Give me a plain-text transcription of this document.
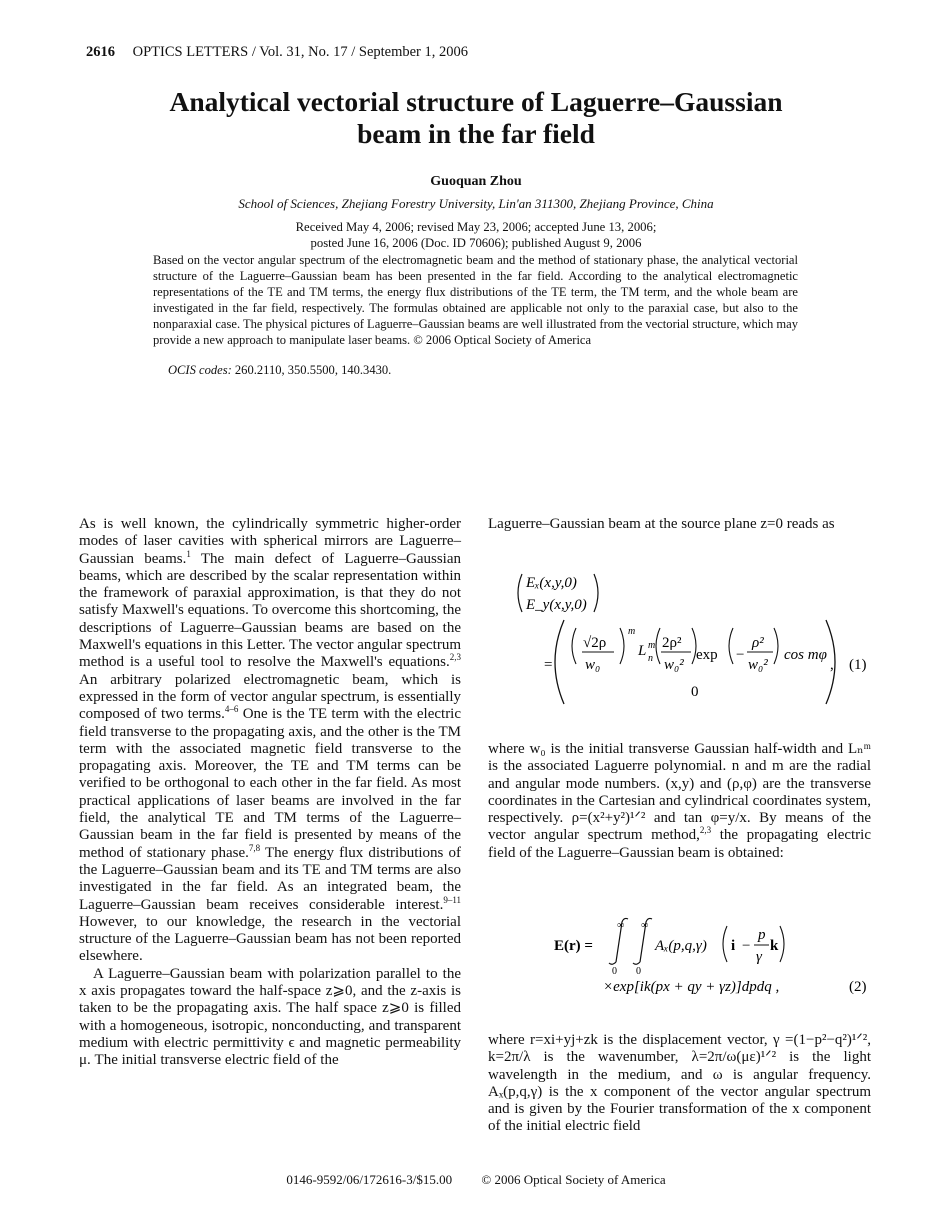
2616 OPTICS LETTERS / Vol. 31, No. 17 / September 1, 2006
Analytical vectorial structure of Laguerre–Gaussian
beam in the far field
Guoquan Zhou
School of Sciences, Zhejiang Forestry University, Lin'an 311300, Zhejiang Province, China
Received May 4, 2006; revised May 23, 2006; accepted June 13, 2006;
posted June 16, 2006 (Doc. ID 70606); published August 9, 2006
Based on the vector angular spectrum of the electromagnetic beam and the method of stationary phase, the analytical vectorial structure of the Laguerre–Gaussian beam has been presented in the far field. According to the analytical electromagnetic representations of the TE and TM terms, the energy flux distributions of the TE term, the TM term, and the whole beam are investigated in the far field, respectively. The formulas obtained are applicable not only to the paraxial case, but also to the nonparaxial case. The physical pictures of Laguerre–Gaussian beams are well illustrated from the vectorial structure, which may provide a new approach to manipulate laser beams. © 2006 Optical Society of America
OCIS codes: 260.2110, 350.5500, 140.3430.

As is well known, the cylindrically symmetric higher-order modes of laser cavities with spherical mirrors are Laguerre–Gaussian beams.$^1$ The main defect of Laguerre–Gaussian beams, which are described by the scalar representation within the framework of paraxial approximation, is that they do not satisfy Maxwell's equations. To overcome this shortcoming, the descriptions of Laguerre–Gaussian beams are based on the Maxwell's equations in this Letter. The vector angular spectrum method is a useful tool to resolve the Maxwell's equations.$^{2,3}$ An arbitrary polarized electromagnetic beam, which is expressed in the form of vector angular spectrum, is essentially composed of two terms.$^{4-6}$ One is the TE term with the electric field transverse to the propagating axis, and the other is the TM term with the associated magnetic field transverse to the propagating axis. Moreover, the TE and TM terms can be verified to be orthogonal to each other in the far field. As most practical applications of laser beams are involved in the far field, the analytical TE and TM terms of the Laguerre–Gaussian beam in the far field is presented by means of the method of stationary phase.$^{7,8}$ The energy flux distributions of the Laguerre–Gaussian beam and its TE and TM terms are also investigated in the far field. As an integrated beam, the Laguerre–Gaussian beam receives considerable interest.$^{9-11}$ However, to our knowledge, the research in the vectorial structure of the Laguerre–Gaussian beam has not been reported elsewhere.

A Laguerre–Gaussian beam with polarization parallel to the x axis propagates toward the half-space z⩾0, and the z-axis is taken to be the propagating axis. The half space z⩾0 is filled with a homogeneous, isotropic, nonconducting, and transparent medium with electric permittivity ϵ and magnetic permeability μ. The initial transverse electric field of the

Laguerre–Gaussian beam at the source plane z=0 reads as

Eₓ(x,y,0)
E_y(x,y,0)
=
√2ρ
w₀
m
L m
n
2ρ²
w₀²
exp −
ρ²
w₀²
cos mφ
0
, (1)

where w₀ is the initial transverse Gaussian half-width and Lₙᵐ is the associated Laguerre polynomial. n and m are the radial and angular mode numbers. (x,y) and (ρ,φ) are the transverse coordinates in the Cartesian and cylindrical coordinates system, respectively. ρ=(x²+y²)¹ᐟ² and tan φ=y/x. By means of the vector angular spectrum method,$^{2,3}$ the propagating electric field of the Laguerre–Gaussian beam is obtained:

E(r) =
∞
0
∞
0
Aₓ(p,q,γ) i −
p
γ
k
×exp[ik(px + qy + γz)]dpdq ,	(2)

where r=xi+yj+zk is the displacement vector, γ =(1−p²−q²)¹ᐟ², k=2π/λ is the wavenumber, λ=2π/ω(με)¹ᐟ² is the light wavelength in the medium, and ω is angular frequency. Aₓ(p,q,γ) is the x component of the vector angular spectrum and is given by the Fourier transformation of the x component of the initial electric field

0146-9592/06/172616-3/$15.00 © 2006 Optical Society of America
